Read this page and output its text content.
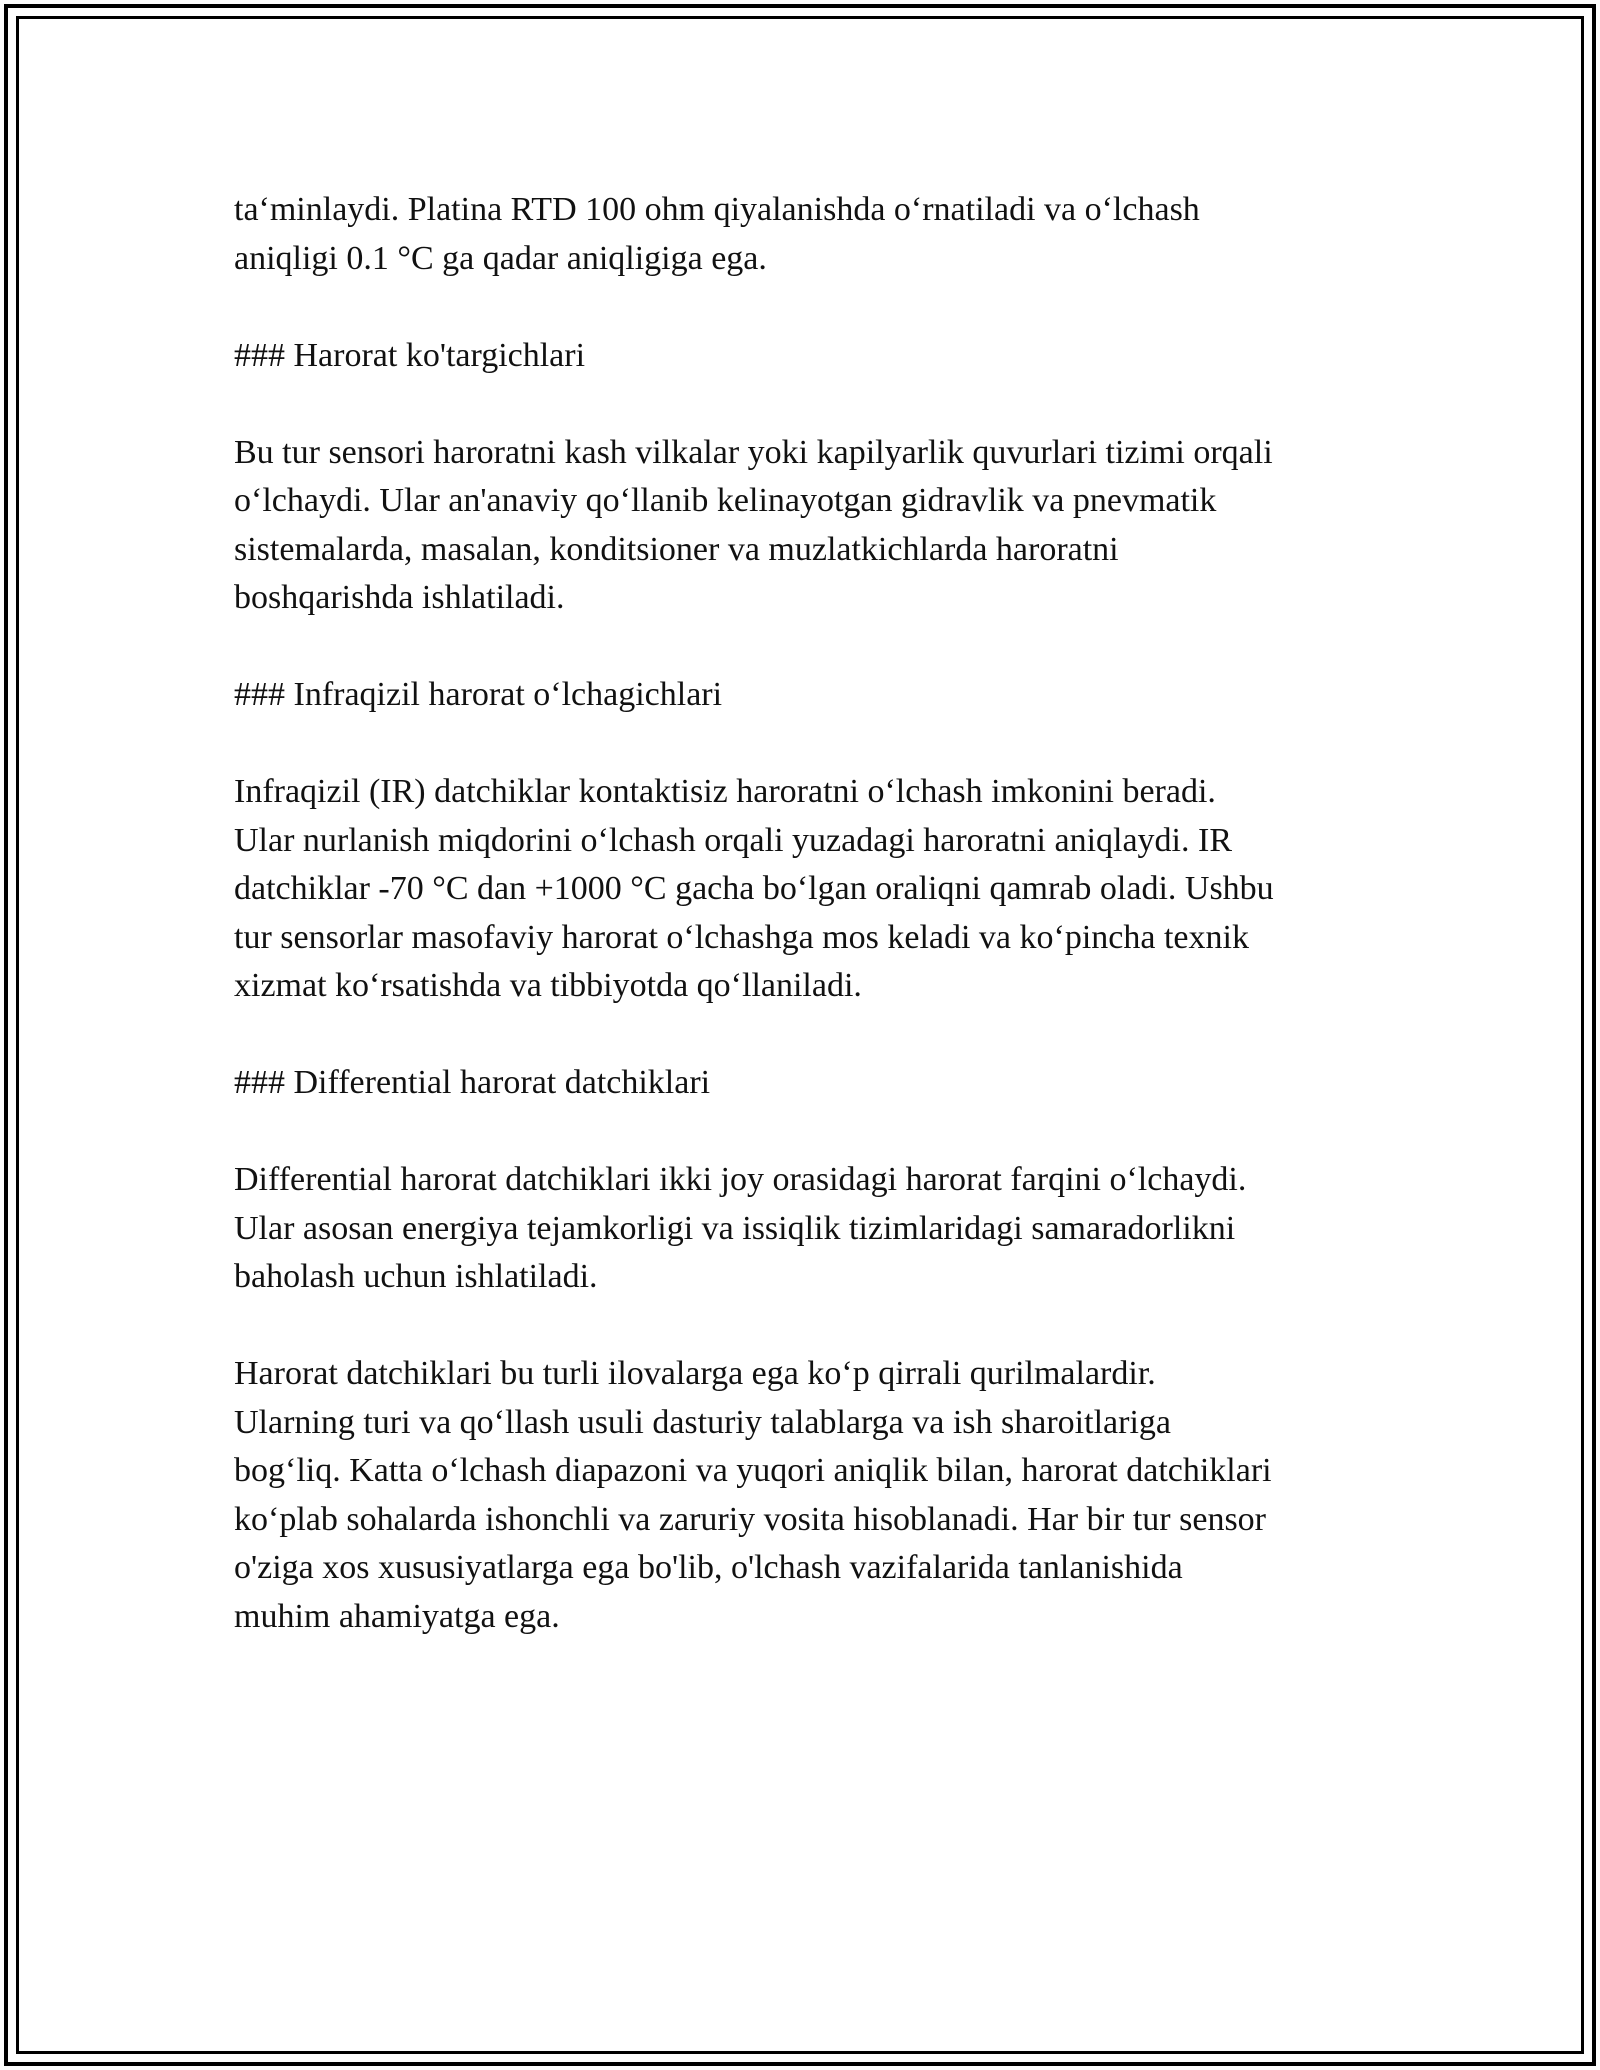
ta‘minlaydi. Platina RTD 100 ohm qiyalanishda o‘rnatiladi va o‘lchash
aniqligi 0.1 °C ga qadar aniqligiga ega.

### Harorat ko'targichlari

Bu tur sensori haroratni kash vilkalar yoki kapilyarlik quvurlari tizimi orqali
o‘lchaydi. Ular an'anaviy qo‘llanib kelinayotgan gidravlik va pnevmatik
sistemalarda, masalan, konditsioner va muzlatkichlarda haroratni
boshqarishda ishlatiladi.

### Infraqizil harorat o‘lchagichlari

Infraqizil (IR) datchiklar kontaktisiz haroratni o‘lchash imkonini beradi.
Ular nurlanish miqdorini o‘lchash orqali yuzadagi haroratni aniqlaydi. IR
datchiklar -70 °C dan +1000 °C gacha bo‘lgan oraliqni qamrab oladi. Ushbu
tur sensorlar masofaviy harorat o‘lchashga mos keladi va ko‘pincha texnik
xizmat ko‘rsatishda va tibbiyotda qo‘llaniladi.

### Differential harorat datchiklari

Differential harorat datchiklari ikki joy orasidagi harorat farqini o‘lchaydi.
Ular asosan energiya tejamkorligi va issiqlik tizimlaridagi samaradorlikni
baholash uchun ishlatiladi.

Harorat datchiklari bu turli ilovalarga ega ko‘p qirrali qurilmalardir.
Ularning turi va qo‘llash usuli dasturiy talablarga va ish sharoitlariga
bog‘liq. Katta o‘lchash diapazoni va yuqori aniqlik bilan, harorat datchiklari
ko‘plab sohalarda ishonchli va zaruriy vosita hisoblanadi. Har bir tur sensor
o'ziga xos xususiyatlarga ega bo'lib, o'lchash vazifalarida tanlanishida
muhim ahamiyatga ega.
